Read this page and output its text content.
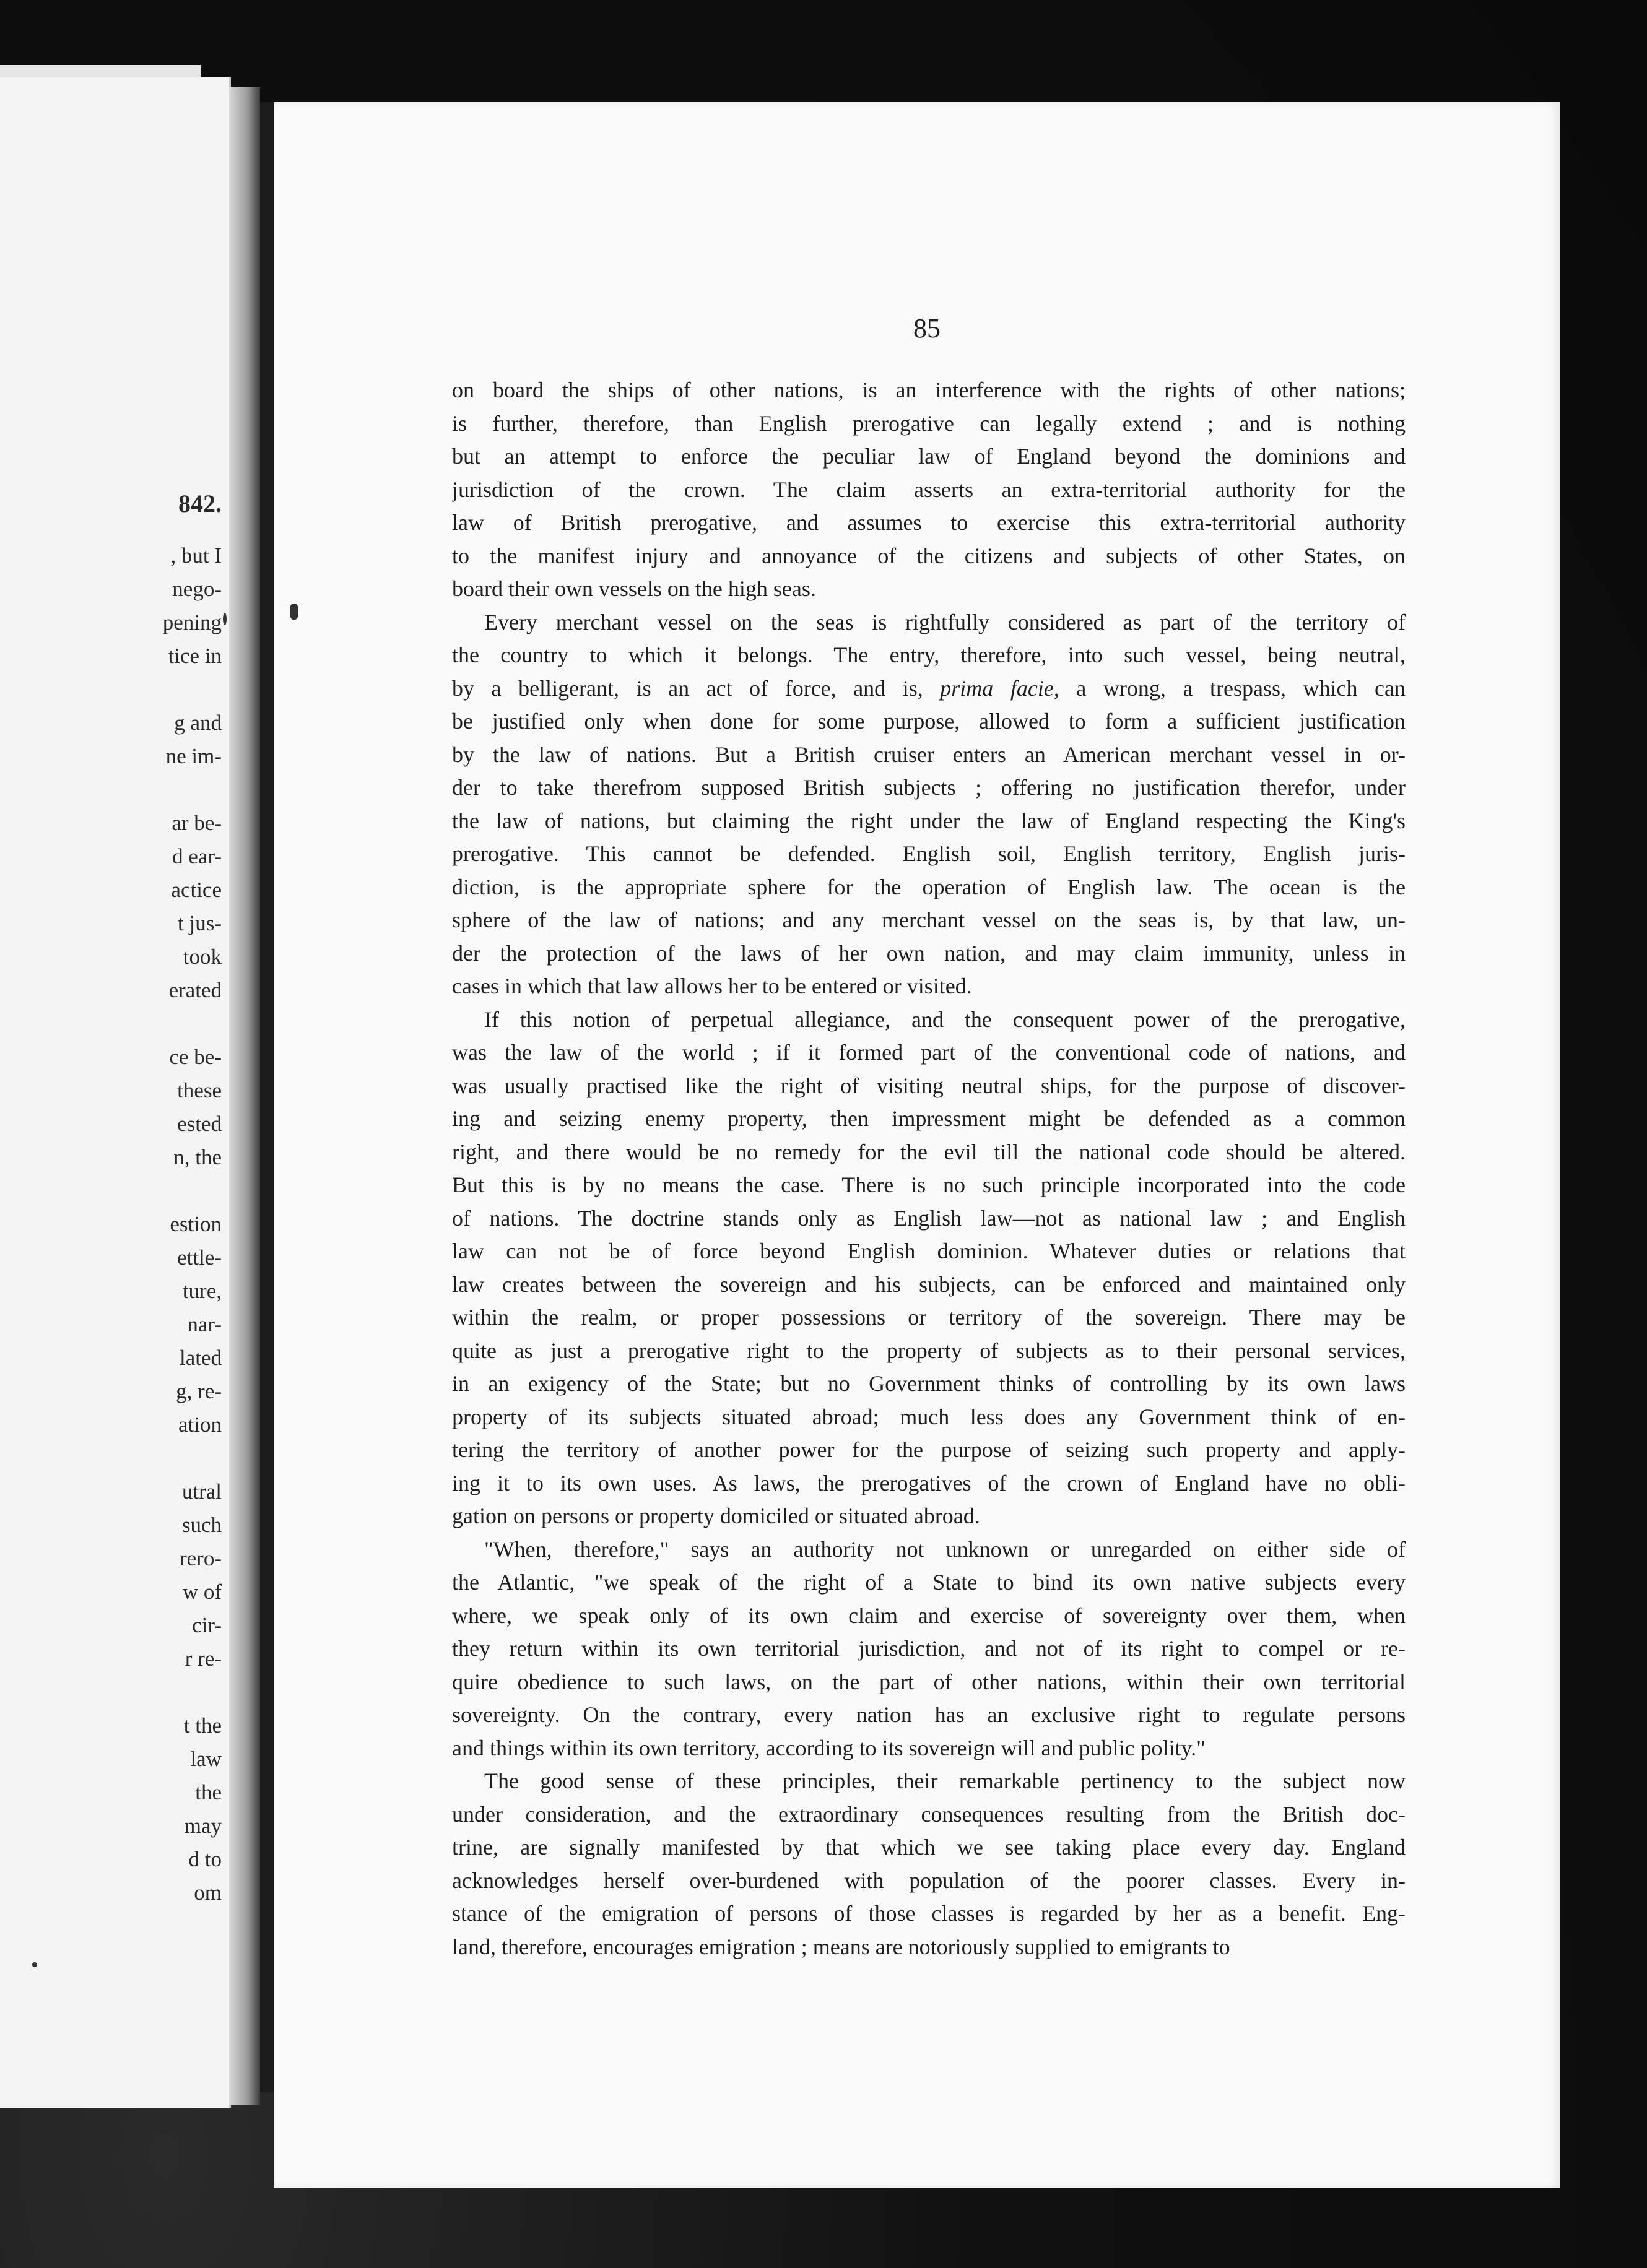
842.
, but I
nego-
pening
tice in
g and
ne im-
ar be-
d ear-
actice
t jus-
took
erated
ce be-
these
ested
n, the
estion
ettle-
ture,
nar-
lated
g, re-
ation
utral
such
rero-
w of
cir-
r re-
t the
law
the
may
d to
om
85

on board the ships of other nations, is an interference with the rights of other nations;
is further, therefore, than English prerogative can legally extend ; and is nothing
but an attempt to enforce the peculiar law of England beyond the dominions and
jurisdiction of the crown. The claim asserts an extra-territorial authority for the
law of British prerogative, and assumes to exercise this extra-territorial authority
to the manifest injury and annoyance of the citizens and subjects of other States, on
board their own vessels on the high seas.

Every merchant vessel on the seas is rightfully considered as part of the territory of
the country to which it belongs. The entry, therefore, into such vessel, being neutral,
by a belligerant, is an act of force, and is, prima facie, a wrong, a trespass, which can
be justified only when done for some purpose, allowed to form a sufficient justification
by the law of nations. But a British cruiser enters an American merchant vessel in or-
der to take therefrom supposed British subjects ; offering no justification therefor, under
the law of nations, but claiming the right under the law of England respecting the King's
prerogative. This cannot be defended. English soil, English territory, English juris-
diction, is the appropriate sphere for the operation of English law. The ocean is the
sphere of the law of nations; and any merchant vessel on the seas is, by that law, un-
der the protection of the laws of her own nation, and may claim immunity, unless in
cases in which that law allows her to be entered or visited.

If this notion of perpetual allegiance, and the consequent power of the prerogative,
was the law of the world ; if it formed part of the conventional code of nations, and
was usually practised like the right of visiting neutral ships, for the purpose of discover-
ing and seizing enemy property, then impressment might be defended as a common
right, and there would be no remedy for the evil till the national code should be altered.
But this is by no means the case. There is no such principle incorporated into the code
of nations. The doctrine stands only as English law—not as national law ; and English
law can not be of force beyond English dominion. Whatever duties or relations that
law creates between the sovereign and his subjects, can be enforced and maintained only
within the realm, or proper possessions or territory of the sovereign. There may be
quite as just a prerogative right to the property of subjects as to their personal services,
in an exigency of the State; but no Government thinks of controlling by its own laws
property of its subjects situated abroad; much less does any Government think of en-
tering the territory of another power for the purpose of seizing such property and apply-
ing it to its own uses. As laws, the prerogatives of the crown of England have no obli-
gation on persons or property domiciled or situated abroad.

"When, therefore," says an authority not unknown or unregarded on either side of
the Atlantic, "we speak of the right of a State to bind its own native subjects every
where, we speak only of its own claim and exercise of sovereignty over them, when
they return within its own territorial jurisdiction, and not of its right to compel or re-
quire obedience to such laws, on the part of other nations, within their own territorial
sovereignty. On the contrary, every nation has an exclusive right to regulate persons
and things within its own territory, according to its sovereign will and public polity."

The good sense of these principles, their remarkable pertinency to the subject now
under consideration, and the extraordinary consequences resulting from the British doc-
trine, are signally manifested by that which we see taking place every day. England
acknowledges herself over-burdened with population of the poorer classes. Every in-
stance of the emigration of persons of those classes is regarded by her as a benefit. Eng-
land, therefore, encourages emigration ; means are notoriously supplied to emigrants to
